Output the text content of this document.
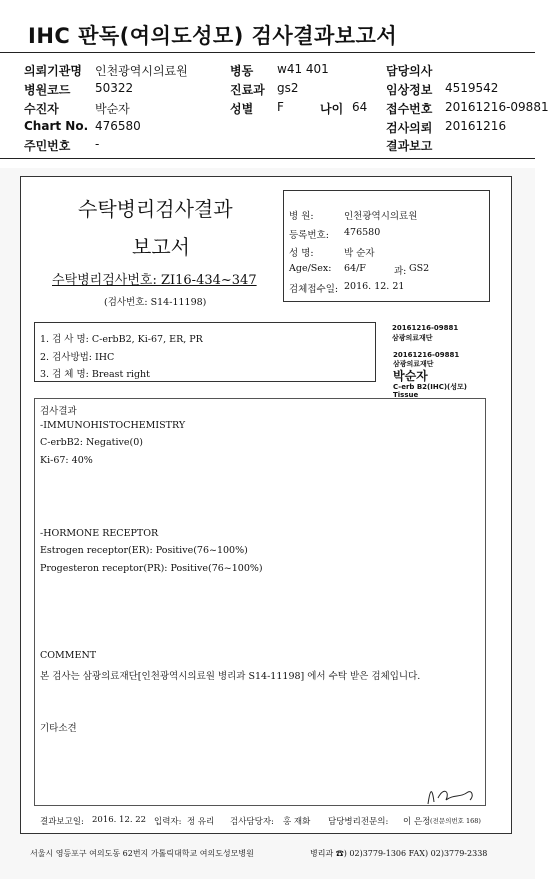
IHC 판독(여의도성모) 검사결과보고서
의뢰기관명 인천광역시의료원	병동 w41 401	담당의사
병원코드 50322	진료과 gs2	임상정보 4519542
수진자	박순자	성별 F	나이 64 접수번호 20161216-09881
Chart No. 476580	검사의뢰 20161216
주민번호 -	결과보고
수탁병리검사결과
보고서
수탁병리검사번호: ZI16-434~347
(검사번호: S14-11198)
병 원:	인천광역시의료원
등록번호: 476580
성 명:	박 순자
Age/Sex: 64/F	과: GS2
검체접수일: 2016. 12. 21
1. 검 사 명: C-erbB2, Ki-67, ER, PR
2. 검사방법: IHC
3. 검 체 명: Breast right
20161216-09881
삼광의료재단
20161216-09881
삼광의료재단
박순자
C-erb B2(IHC)(성모)
Tissue
검사결과
-IMMUNOHISTOCHEMISTRY
C-erbB2: Negative(0)
Ki-67: 40%
-HORMONE RECEPTOR
Estrogen receptor(ER): Positive(76~100%)
Progesteron receptor(PR): Positive(76~100%)
COMMENT
본 검사는 삼광의료재단[인천광역시의료원 병리과 S14-11198] 에서 수탁 받은 검체입니다.
기타소견
결과보고일: 2016. 12. 22 입력자: 정 유리 검사담당자: 홍 재화 담당병리전문의: 이 은정 (전문의번호 168)
서울시 영등포구 여의도동 62번지 가톨릭대학교 여의도성모병원	병리과 ☎) 02)3779-1306 FAX) 02)3779-2338
